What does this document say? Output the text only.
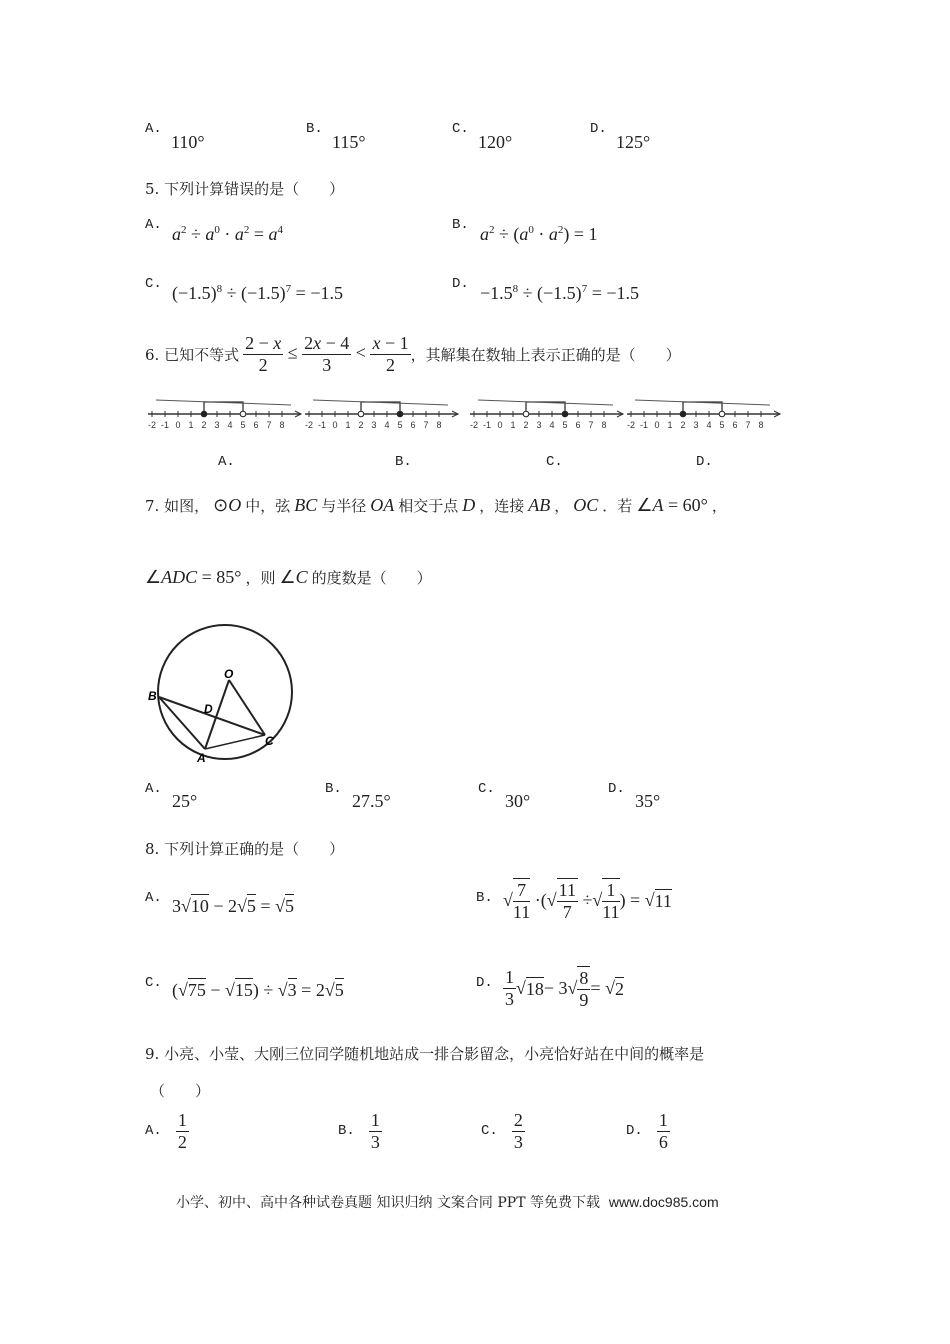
A.
110°
B.
115°
C.
120°
D.
125°
5. 下列计算错误的是（　　）
A. $a^2 \div a^0 \cdot a^2 = a^4$	B. $a^2 \div (a^0 \cdot a^2) = 1$
C. $(-1.5)^8 \div (-1.5)^7 = -1.5$	D. $-1.5^8 \div (-1.5)^7 = -1.5$
6. 已知不等式 $\frac{2 - x}{2} \le \frac{2x - 4}{3} < \frac{x - 1}{2}$ ，其解集在数轴上表示正确的是（　　）
-2 -1 0 1 2 3 4 5 6 7 8 -2 -1 0 1 2 3 4 5 6 7 8	-2 -1 0 1 2 3 4 5 6 7 8 -2 -1 0 1 2 3 4 5 6 7 8
A.	B.	C.	D.
7. 如图， ⊙O 中，弦 BC 与半径 OA 相交于点 D ，连接 AB ， OC ．若 ∠A = 60° ，
∠ADC = 85° ，则 ∠C 的度数是（　　）
B
D
O
A
C
A.
25°
B.
27.5°
C.
30°
D.
35°
8. 下列计算正确的是（　　）
A. 3√10 − 2√5 = √5	B. √ $\frac{7}{11}$ ·(√ $\frac{11}{7}$ ÷√ $\frac{1}{11}$ ) = √ 11
C. (√75 − √15) ÷ √3 = 2√5	D. $\frac{1}{3}$ √ $18 - 3√ \frac{8}{9}$ = √ 2
9. 小亮、小莹、大刚三位同学随机地站成一排合影留念，小亮恰好站在中间的概率是
（　　）
A. $\frac{1}{2}$	B. $\frac{1}{3}$	C. $\frac{2}{3}$	D. $\frac{1}{6}$
小学、初中、高中各种试卷真题 知识归纳 文案合同 PPT 等免费下载 www.doc985.com
